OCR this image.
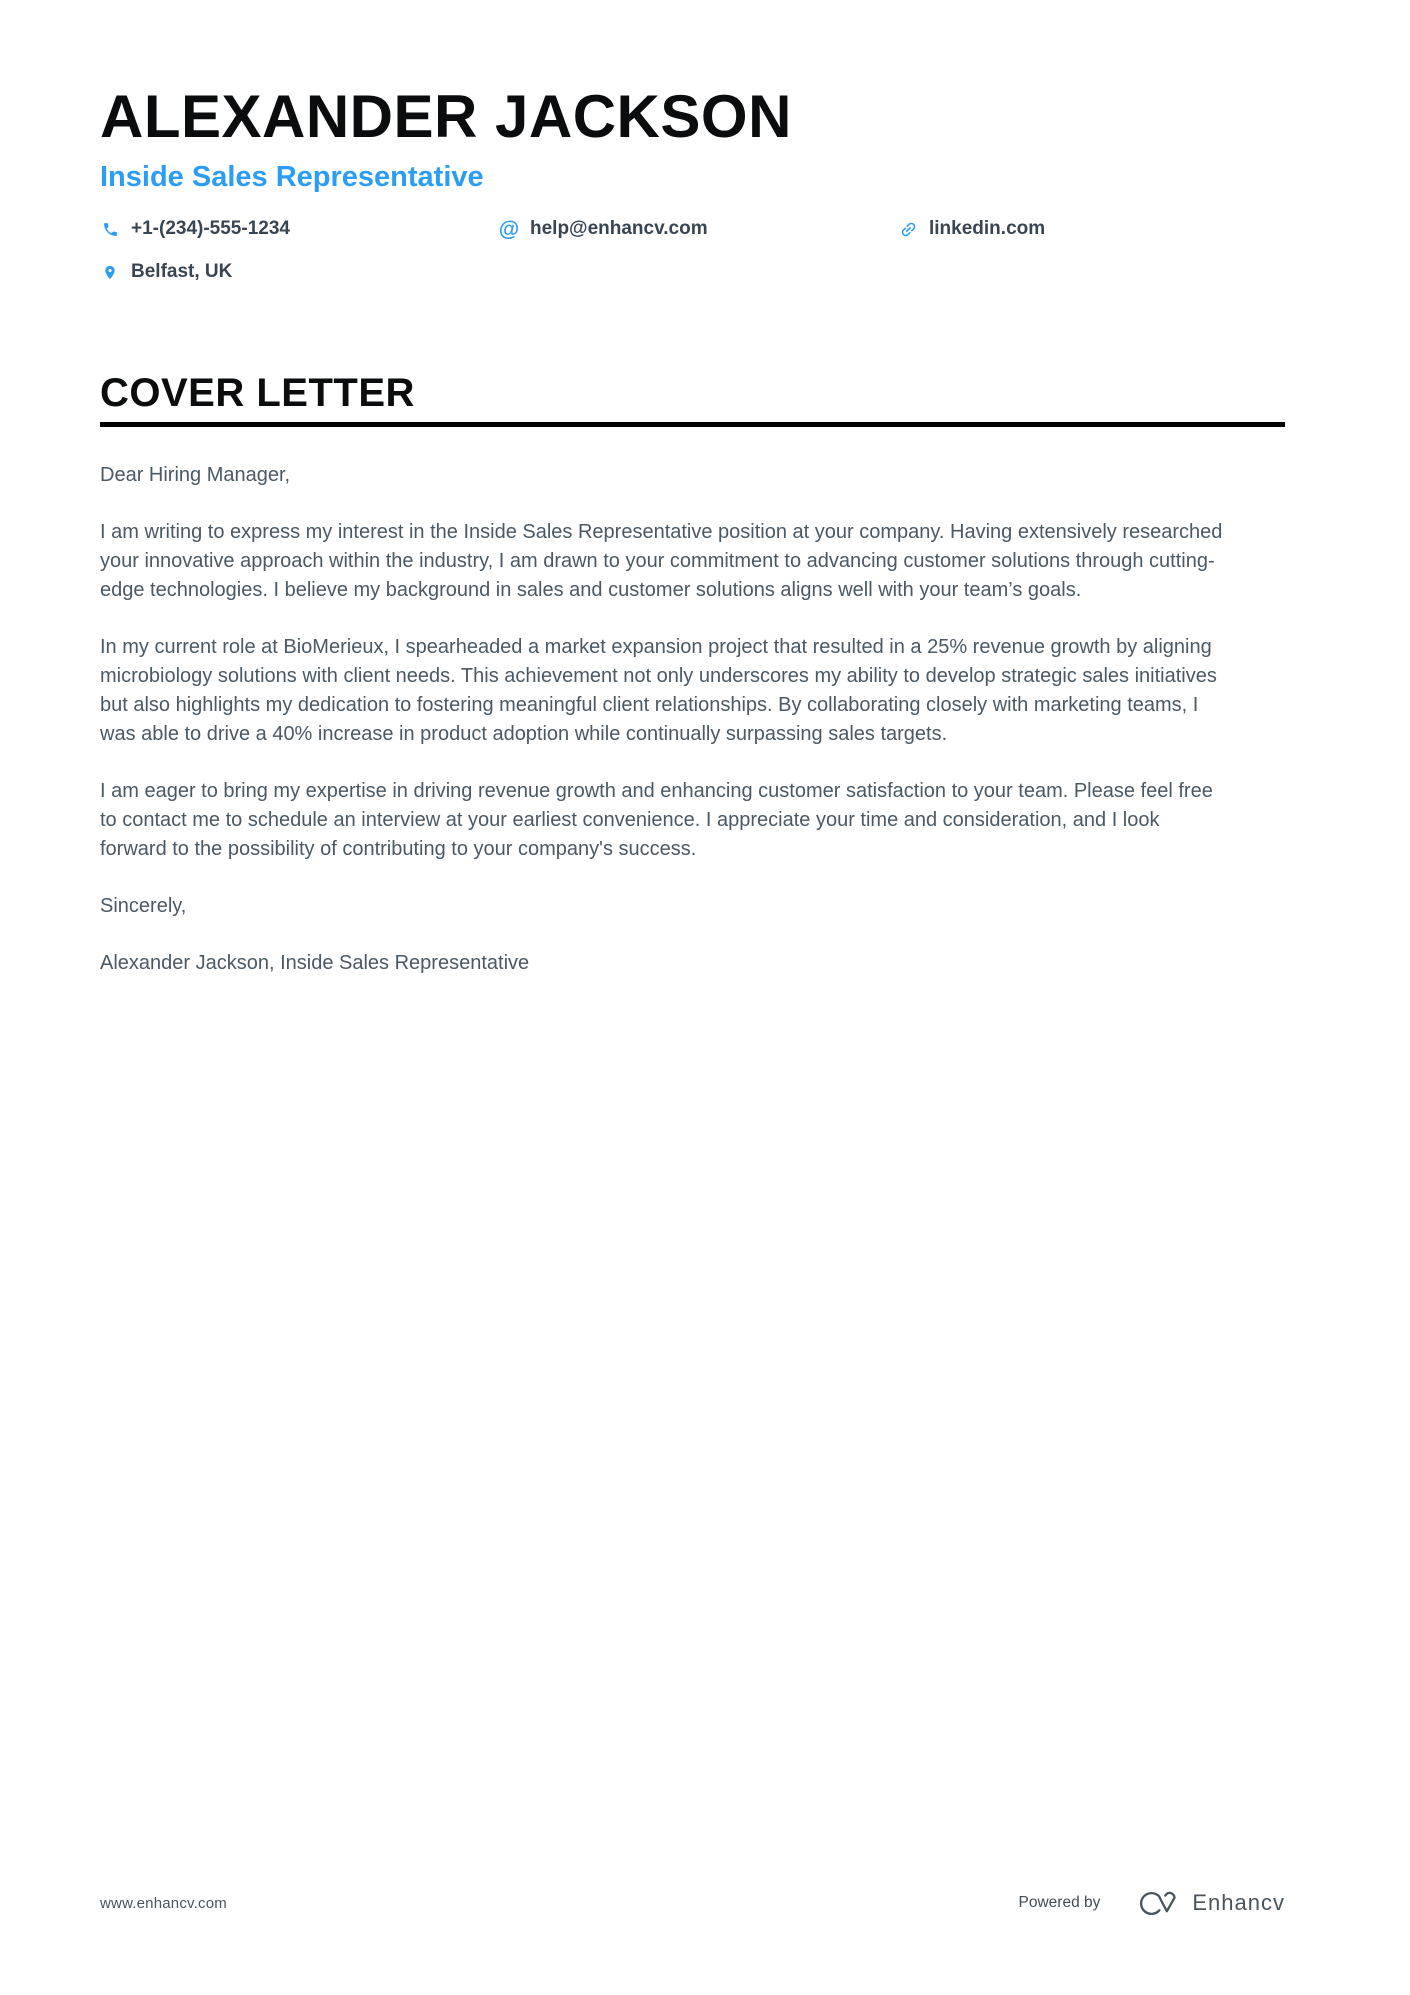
ALEXANDER JACKSON
Inside Sales Representative
+1-(234)-555-1234	@ help@enhancv.com	linkedin.com
Belfast, UK
COVER LETTER

Dear Hiring Manager,

I am writing to express my interest in the Inside Sales Representative position at your company. Having extensively researched your innovative approach within the industry, I am drawn to your commitment to advancing customer solutions through cutting-edge technologies. I believe my background in sales and customer solutions aligns well with your team’s goals.

In my current role at BioMerieux, I spearheaded a market expansion project that resulted in a 25% revenue growth by aligning microbiology solutions with client needs. This achievement not only underscores my ability to develop strategic sales initiatives but also highlights my dedication to fostering meaningful client relationships. By collaborating closely with marketing teams, I was able to drive a 40% increase in product adoption while continually surpassing sales targets.

I am eager to bring my expertise in driving revenue growth and enhancing customer satisfaction to your team. Please feel free to contact me to schedule an interview at your earliest convenience. I appreciate your time and consideration, and I look forward to the possibility of contributing to your company's success.

Sincerely,

Alexander Jackson, Inside Sales Representative

www.enhancv.com	Powered by	Enhancv
